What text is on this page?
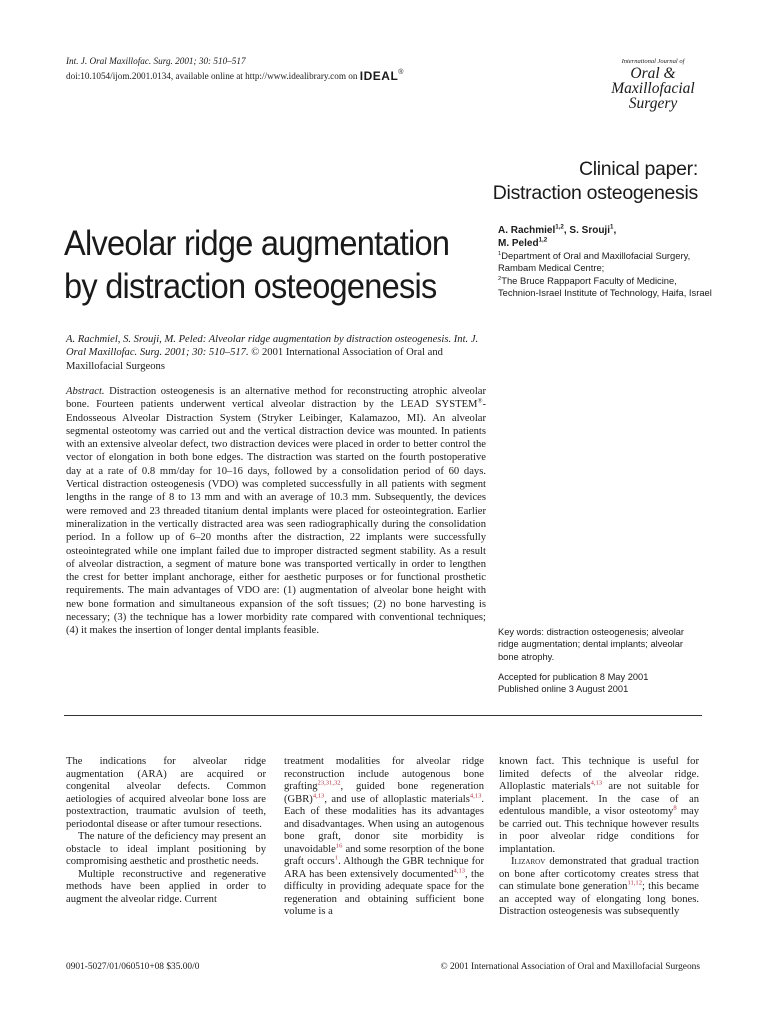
Int. J. Oral Maxillofac. Surg. 2001; 30: 510–517
doi:10.1054/ijom.2001.0134, available online at http://www.idealibrary.com on IDEAL®
International Journal of
Oral &
Maxillofacial
Surgery
Clinical paper:
Distraction osteogenesis
Alveolar ridge augmentation by distraction osteogenesis
A. Rachmiel$^{1,2}$, S. Srouji$^1$,
M. Peled$^{1,2}$
$^1$Department of Oral and Maxillofacial Surgery, Rambam Medical Centre;
$^2$The Bruce Rappaport Faculty of Medicine, Technion-Israel Institute of Technology, Haifa, Israel
A. Rachmiel, S. Srouji, M. Peled: Alveolar ridge augmentation by distraction osteogenesis. Int. J. Oral Maxillofac. Surg. 2001; 30: 510–517. © 2001 International Association of Oral and Maxillofacial Surgeons
Abstract. Distraction osteogenesis is an alternative method for reconstructing atrophic alveolar bone. Fourteen patients underwent vertical alveolar distraction by the LEAD SYSTEM®-Endosseous Alveolar Distraction System (Stryker Leibinger, Kalamazoo, MI). An alveolar segmental osteotomy was carried out and the vertical distraction device was mounted. In patients with an extensive alveolar defect, two distraction devices were placed in order to better control the vector of elongation in both bone edges. The distraction was started on the fourth postoperative day at a rate of 0.8 mm/day for 10–16 days, followed by a consolidation period of 60 days. Vertical distraction osteogenesis (VDO) was completed successfully in all patients with segment lengths in the range of 8 to 13 mm and with an average of 10.3 mm. Subsequently, the devices were removed and 23 threaded titanium dental implants were placed for osteointegration. Earlier mineralization in the vertically distracted area was seen radiographically during the consolidation period. In a follow up of 6–20 months after the distraction, 22 implants were successfully osteointegrated while one implant failed due to improper distracted segment stability. As a result of alveolar distraction, a segment of mature bone was transported vertically in order to lengthen the crest for better implant anchorage, either for aesthetic purposes or for functional prosthetic requirements. The main advantages of VDO are: (1) augmentation of alveolar bone height with new bone formation and simultaneous expansion of the soft tissues; (2) no bone harvesting is necessary; (3) the technique has a lower morbidity rate compared with conventional techniques; (4) it makes the insertion of longer dental implants feasible.	Key words: distraction osteogenesis; alveolar ridge augmentation; dental implants; alveolar bone atrophy.
Accepted for publication 8 May 2001
Published online 3 August 2001

The indications for alveolar ridge augmentation (ARA) are acquired or congenital alveolar defects. Common aetiologies of acquired alveolar bone loss are postextraction, traumatic avulsion of teeth, periodontal disease or after tumour resections.

The nature of the deficiency may present an obstacle to ideal implant positioning by compromising aesthetic and prosthetic needs.

Multiple reconstructive and regenerative methods have been applied in order to augment the alveolar ridge. Current

treatment modalities for alveolar ridge reconstruction include autogenous bone grafting$^{23,31,32}$, guided bone regeneration (GBR)$^{4,13}$, and use of alloplastic materials$^{4,13}$. Each of these modalities has its advantages and disadvantages. When using an autogenous bone graft, donor site morbidity is unavoidable$^{16}$ and some resorption of the bone graft occurs$^1$. Although the GBR technique for ARA has been extensively documented$^{4,13}$, the difficulty in providing adequate space for the regeneration and obtaining sufficient bone volume is a

known fact. This technique is useful for limited defects of the alveolar ridge. Alloplastic materials$^{4,13}$ are not suitable for implant placement. In the case of an edentulous mandible, a visor osteotomy$^8$ may be carried out. This technique however results in poor alveolar ridge conditions for implantation.

Ilizarov demonstrated that gradual traction on bone after corticotomy creates stress that can stimulate bone generation$^{11,12}$; this became an accepted way of elongating long bones. Distraction osteogenesis was subsequently

0901-5027/01/060510+08 $35.00/0	© 2001 International Association of Oral and Maxillofacial Surgeons
